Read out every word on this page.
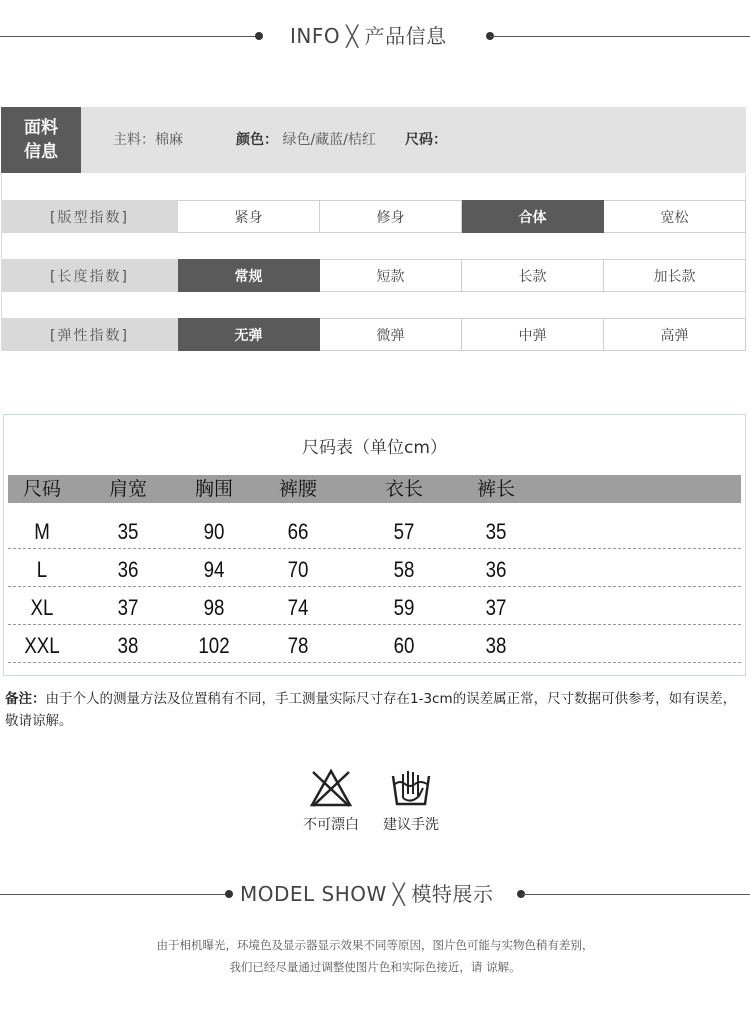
INFO ╳ 产品信息
面料
信息
主料：棉麻	颜色： 绿色/藏蓝/桔红 尺码：
[版型指数]	紧身	修身	合体	宽松
[长度指数]	常规	短款	长款	加长款
[弹性指数]	无弹	微弹	中弹	高弹
尺码表（单位cm）
尺码	肩宽	胸围	裤腰	衣长	裤长
M	35	90	66	57	35
L	36	94	70	58	36
XL	37	98	74	59	37
XXL	38	102	78	60	38
备注：由于个人的测量方法及位置稍有不同，手工测量实际尺寸存在1-3cm的误差属正常，尺寸数据可供参考，如有误差，敬请谅解。
不可漂白	建议手洗
MODEL SHOW ╳ 模特展示
由于相机曝光，环境色及显示器显示效果不同等原因，图片色可能与实物色稍有差别，
我们已经尽量通过调整使图片色和实际色接近，请 谅解。
